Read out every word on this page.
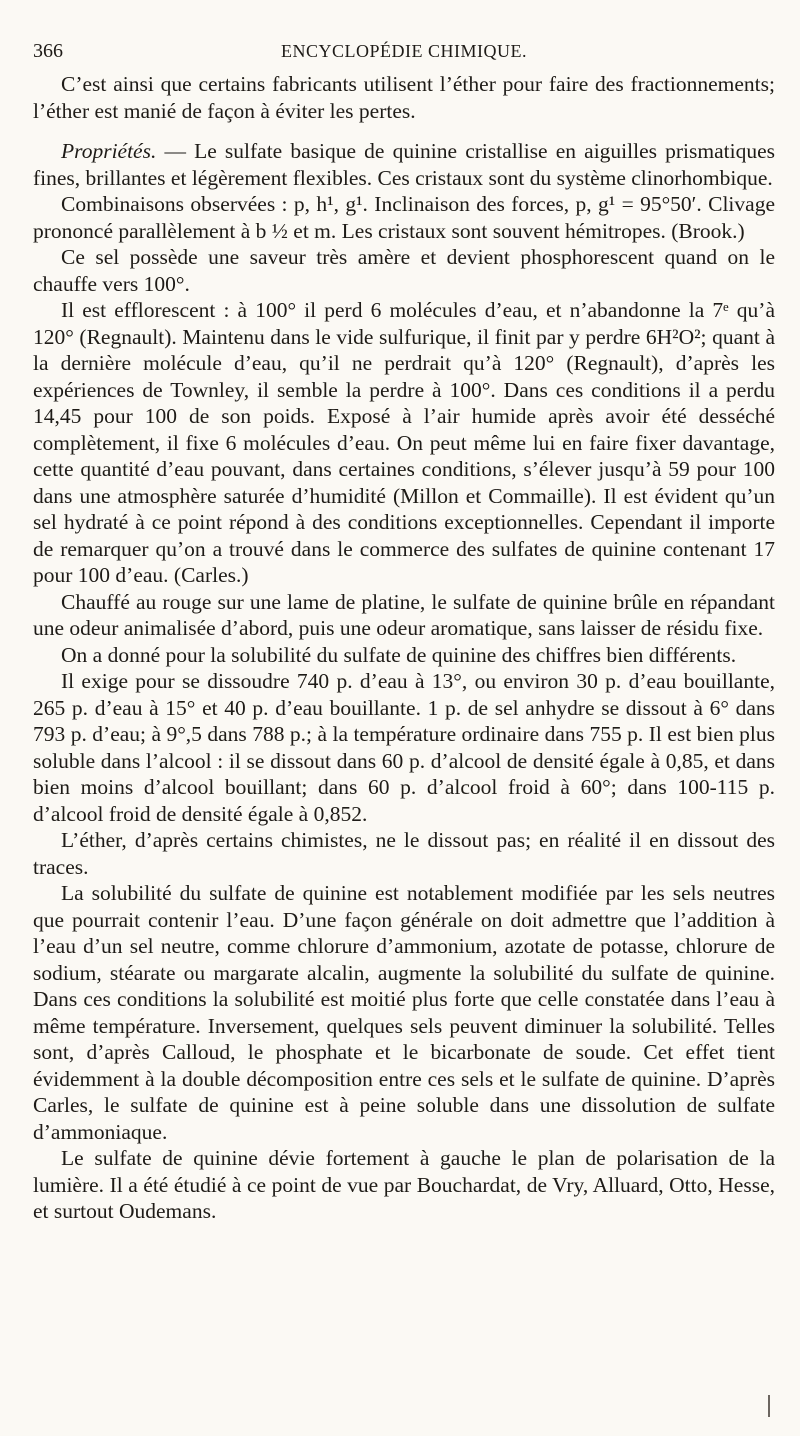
366	ENCYCLOPÉDIE CHIMIQUE.

C’est ainsi que certains fabricants utilisent l’éther pour faire des fractionnements; l’éther est manié de façon à éviter les pertes.

Propriétés. — Le sulfate basique de quinine cristallise en aiguilles prismatiques fines, brillantes et légèrement flexibles. Ces cristaux sont du système clinorhombique.

Combinaisons observées : p, h¹, g¹. Inclinaison des forces, p, g¹ = 95°50′. Clivage prononcé parallèlement à b ½ et m. Les cristaux sont souvent hémitropes. (Brook.)

Ce sel possède une saveur très amère et devient phosphorescent quand on le chauffe vers 100°.

Il est efflorescent : à 100° il perd 6 molécules d’eau, et n’abandonne la 7ᵉ qu’à 120° (Regnault). Maintenu dans le vide sulfurique, il finit par y perdre 6H²O²; quant à la dernière molécule d’eau, qu’il ne perdrait qu’à 120° (Regnault), d’après les expériences de Townley, il semble la perdre à 100°. Dans ces conditions il a perdu 14,45 pour 100 de son poids. Exposé à l’air humide après avoir été desséché complètement, il fixe 6 molécules d’eau. On peut même lui en faire fixer davantage, cette quantité d’eau pouvant, dans certaines conditions, s’élever jusqu’à 59 pour 100 dans une atmosphère saturée d’humidité (Millon et Commaille). Il est évident qu’un sel hydraté à ce point répond à des conditions exceptionnelles. Cependant il importe de remarquer qu’on a trouvé dans le commerce des sulfates de quinine contenant 17 pour 100 d’eau. (Carles.)

Chauffé au rouge sur une lame de platine, le sulfate de quinine brûle en répandant une odeur animalisée d’abord, puis une odeur aromatique, sans laisser de résidu fixe.

On a donné pour la solubilité du sulfate de quinine des chiffres bien différents.

Il exige pour se dissoudre 740 p. d’eau à 13°, ou environ 30 p. d’eau bouillante, 265 p. d’eau à 15° et 40 p. d’eau bouillante. 1 p. de sel anhydre se dissout à 6° dans 793 p. d’eau; à 9°,5 dans 788 p.; à la température ordinaire dans 755 p. Il est bien plus soluble dans l’alcool : il se dissout dans 60 p. d’alcool de densité égale à 0,85, et dans bien moins d’alcool bouillant; dans 60 p. d’alcool froid à 60°; dans 100-115 p. d’alcool froid de densité égale à 0,852.

L’éther, d’après certains chimistes, ne le dissout pas; en réalité il en dissout des traces.

La solubilité du sulfate de quinine est notablement modifiée par les sels neutres que pourrait contenir l’eau. D’une façon générale on doit admettre que l’addition à l’eau d’un sel neutre, comme chlorure d’ammonium, azotate de potasse, chlorure de sodium, stéarate ou margarate alcalin, augmente la solubilité du sulfate de quinine. Dans ces conditions la solubilité est moitié plus forte que celle constatée dans l’eau à même température. Inversement, quelques sels peuvent diminuer la solubilité. Telles sont, d’après Calloud, le phosphate et le bicarbonate de soude. Cet effet tient évidemment à la double décomposition entre ces sels et le sulfate de quinine. D’après Carles, le sulfate de quinine est à peine soluble dans une dissolution de sulfate d’ammoniaque.

Le sulfate de quinine dévie fortement à gauche le plan de polarisation de la lumière. Il a été étudié à ce point de vue par Bouchardat, de Vry, Alluard, Otto, Hesse, et surtout Oudemans.
